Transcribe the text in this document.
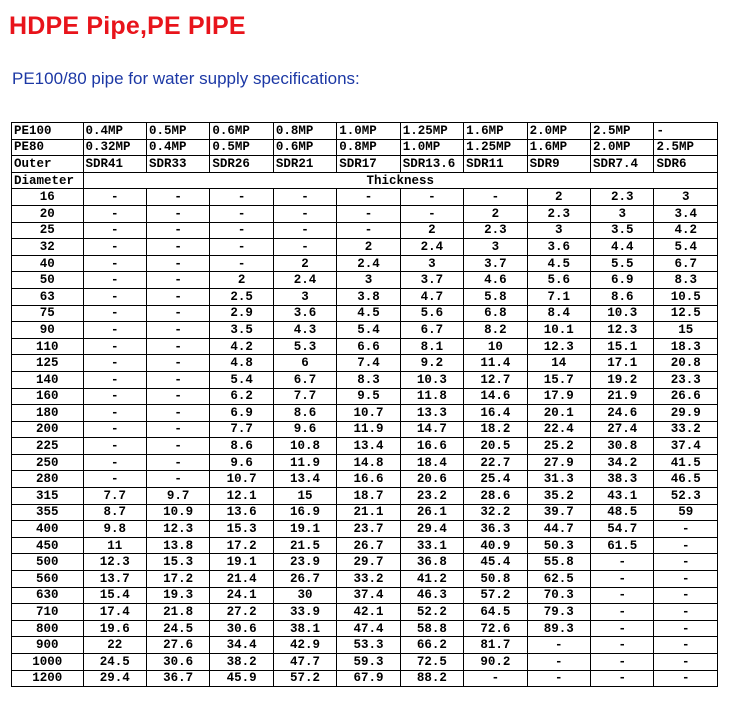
HDPE Pipe,PE PIPE

PE100/80 pipe for water supply specifications:

PE100	0.4MP	0.5MP	0.6MP	0.8MP	1.0MP	1.25MP	1.6MP	2.0MP	2.5MP	-
PE80	0.32MP	0.4MP	0.5MP	0.6MP	0.8MP	1.0MP	1.25MP	1.6MP	2.0MP	2.5MP
Outer	SDR41	SDR33	SDR26	SDR21	SDR17	SDR13.6	SDR11	SDR9	SDR7.4	SDR6
Diameter	Thickness									
16	-	-	-	-	-	-	-	2	2.3	3
20	-	-	-	-	-	-	2	2.3	3	3.4
25	-	-	-	-	-	2	2.3	3	3.5	4.2
32	-	-	-	-	2	2.4	3	3.6	4.4	5.4
40	-	-	-	2	2.4	3	3.7	4.5	5.5	6.7
50	-	-	2	2.4	3	3.7	4.6	5.6	6.9	8.3
63	-	-	2.5	3	3.8	4.7	5.8	7.1	8.6	10.5
75	-	-	2.9	3.6	4.5	5.6	6.8	8.4	10.3	12.5
90	-	-	3.5	4.3	5.4	6.7	8.2	10.1	12.3	15
110	-	-	4.2	5.3	6.6	8.1	10	12.3	15.1	18.3
125	-	-	4.8	6	7.4	9.2	11.4	14	17.1	20.8
140	-	-	5.4	6.7	8.3	10.3	12.7	15.7	19.2	23.3
160	-	-	6.2	7.7	9.5	11.8	14.6	17.9	21.9	26.6
180	-	-	6.9	8.6	10.7	13.3	16.4	20.1	24.6	29.9
200	-	-	7.7	9.6	11.9	14.7	18.2	22.4	27.4	33.2
225	-	-	8.6	10.8	13.4	16.6	20.5	25.2	30.8	37.4
250	-	-	9.6	11.9	14.8	18.4	22.7	27.9	34.2	41.5
280	-	-	10.7	13.4	16.6	20.6	25.4	31.3	38.3	46.5
315	7.7	9.7	12.1	15	18.7	23.2	28.6	35.2	43.1	52.3
355	8.7	10.9	13.6	16.9	21.1	26.1	32.2	39.7	48.5	59
400	9.8	12.3	15.3	19.1	23.7	29.4	36.3	44.7	54.7	-
450	11	13.8	17.2	21.5	26.7	33.1	40.9	50.3	61.5	-
500	12.3	15.3	19.1	23.9	29.7	36.8	45.4	55.8	-	-
560	13.7	17.2	21.4	26.7	33.2	41.2	50.8	62.5	-	-
630	15.4	19.3	24.1	30	37.4	46.3	57.2	70.3	-	-
710	17.4	21.8	27.2	33.9	42.1	52.2	64.5	79.3	-	-
800	19.6	24.5	30.6	38.1	47.4	58.8	72.6	89.3	-	-
900	22	27.6	34.4	42.9	53.3	66.2	81.7	-	-	-
1000	24.5	30.6	38.2	47.7	59.3	72.5	90.2	-	-	-
1200	29.4	36.7	45.9	57.2	67.9	88.2	-	-	-	-
